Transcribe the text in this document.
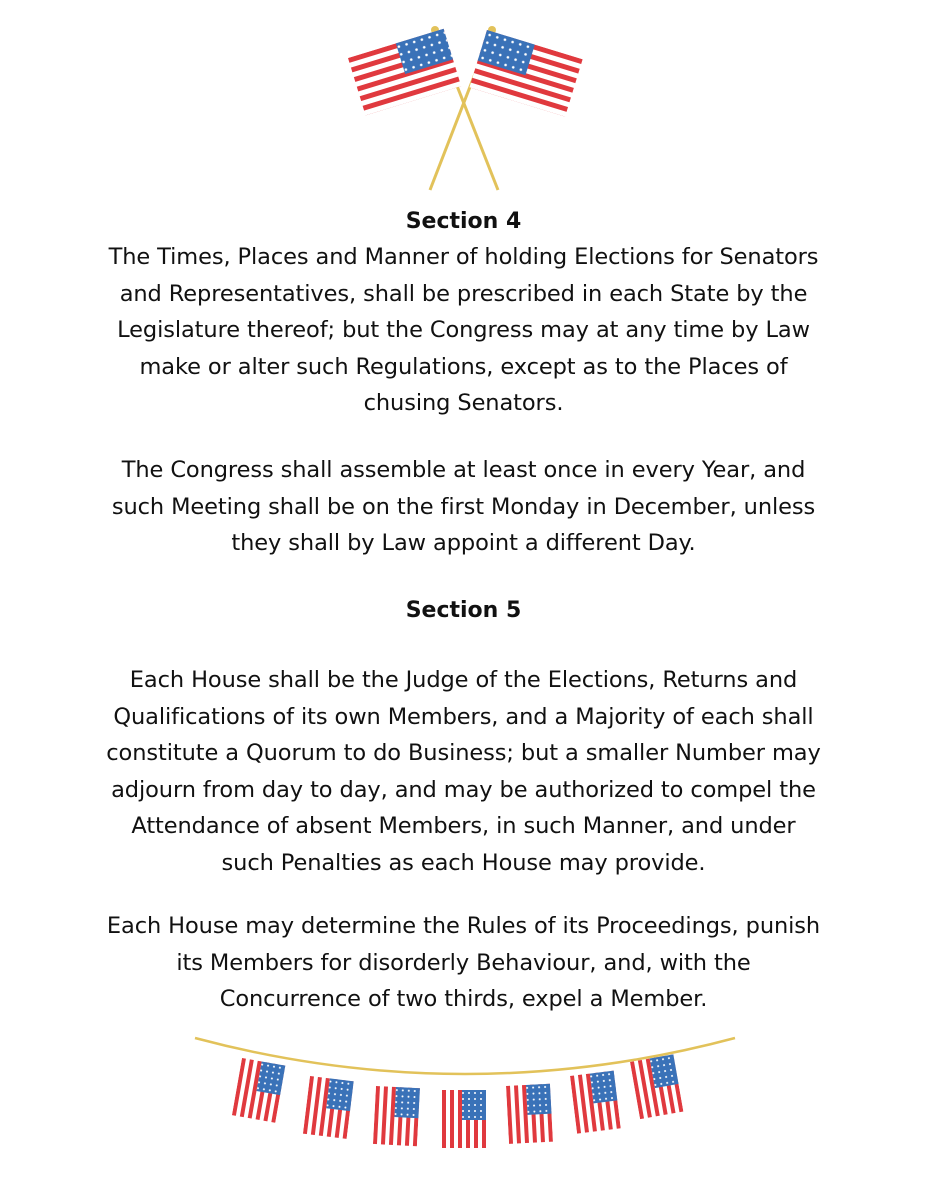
Section 4

The Times, Places and Manner of holding Elections for Senators
and Representatives, shall be prescribed in each State by the
Legislature thereof; but the Congress may at any time by Law
make or alter such Regulations, except as to the Places of
chusing Senators.

The Congress shall assemble at least once in every Year, and
such Meeting shall be on the first Monday in December, unless
they shall by Law appoint a different Day.

Section 5

Each House shall be the Judge of the Elections, Returns and
Qualifications of its own Members, and a Majority of each shall
constitute a Quorum to do Business; but a smaller Number may
adjourn from day to day, and may be authorized to compel the
Attendance of absent Members, in such Manner, and under
such Penalties as each House may provide.

Each House may determine the Rules of its Proceedings, punish
its Members for disorderly Behaviour, and, with the
Concurrence of two thirds, expel a Member.
